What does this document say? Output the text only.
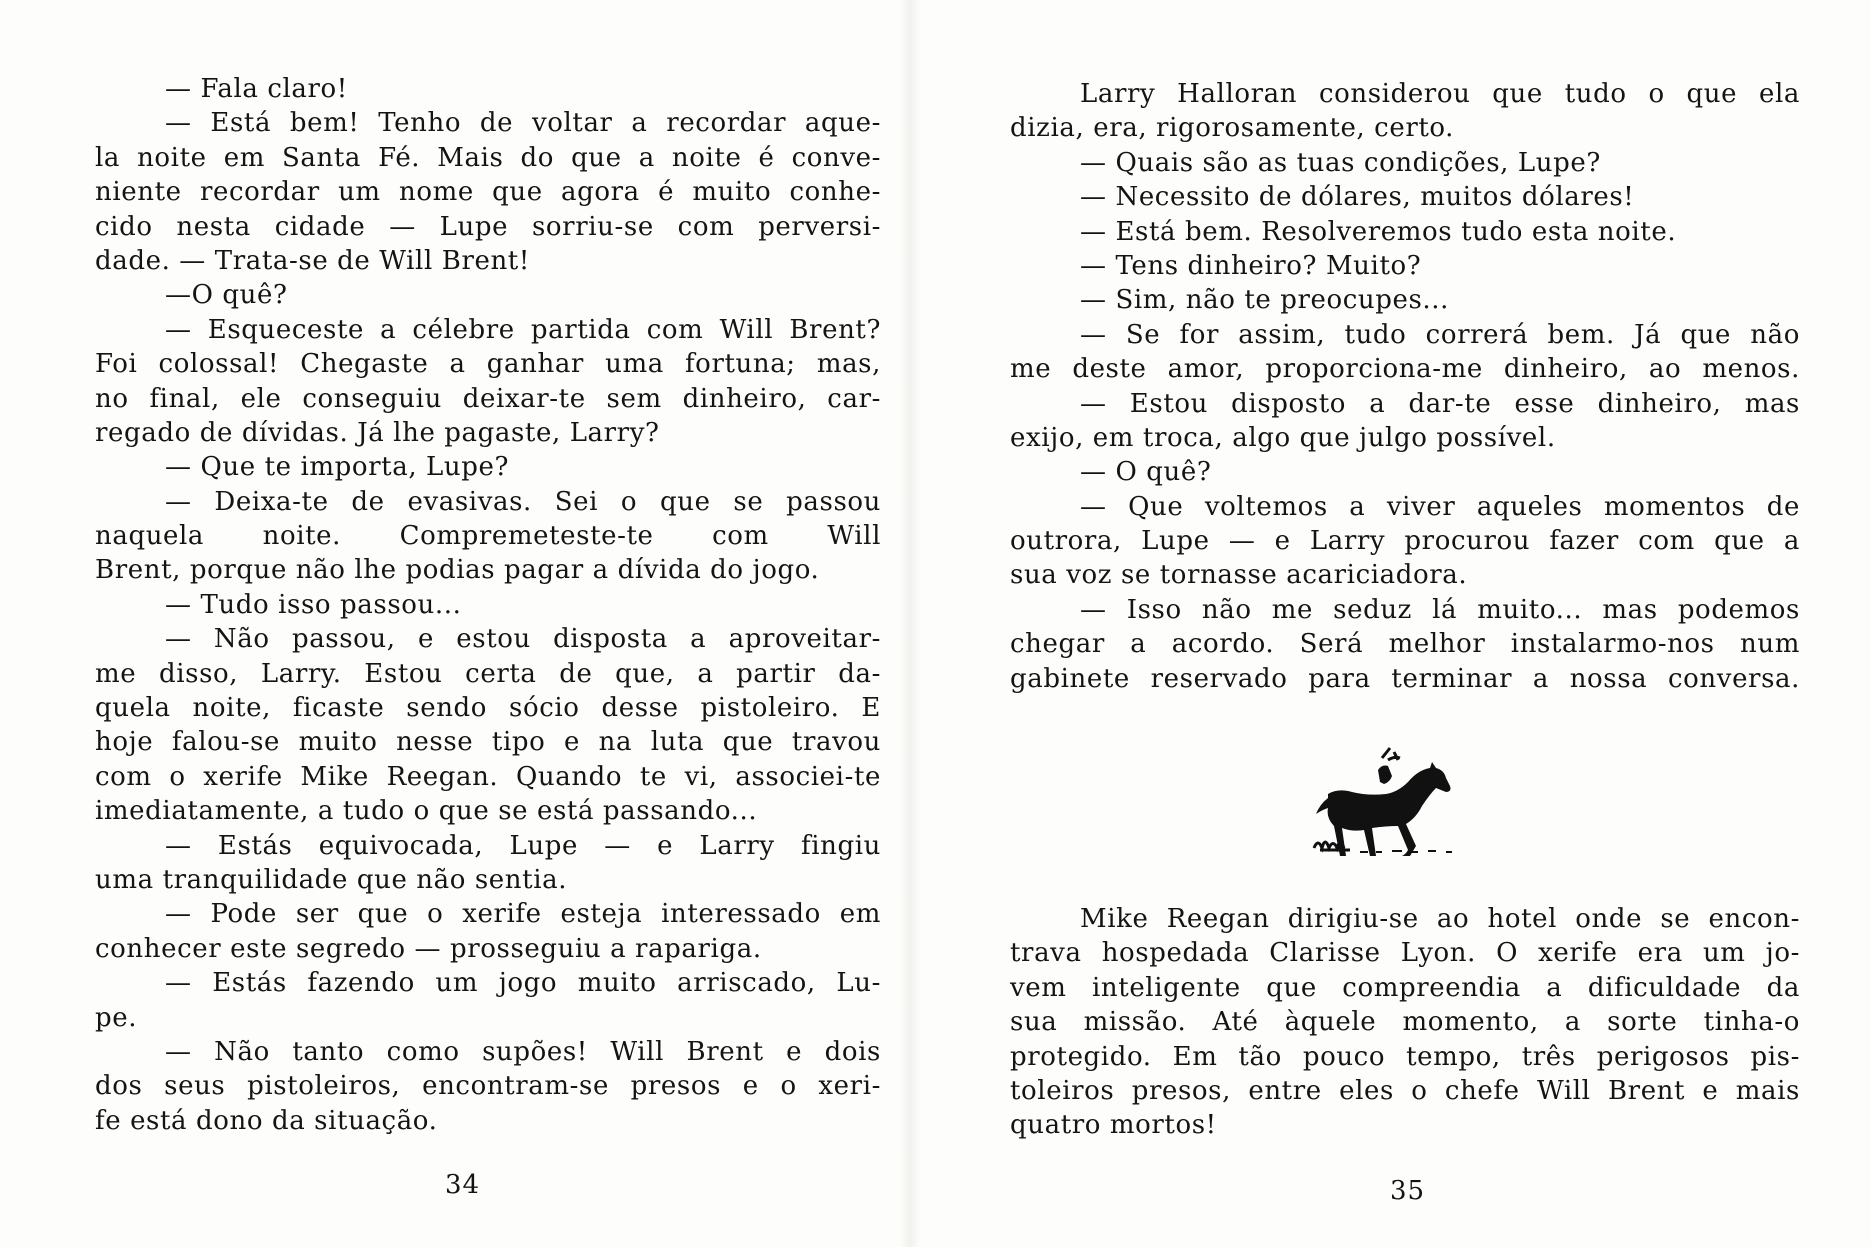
— Fala claro!
— Está bem! Tenho de voltar a recordar aque-
la noite em Santa Fé. Mais do que a noite é conve-
niente recordar um nome que agora é muito conhe-
cido nesta cidade — Lupe sorriu-se com perversi-
dade. — Trata-se de Will Brent!
—O quê?
— Esqueceste a célebre partida com Will Brent?
Foi colossal! Chegaste a ganhar uma fortuna; mas,
no final, ele conseguiu deixar-te sem dinheiro, car-
regado de dívidas. Já lhe pagaste, Larry?
— Que te importa, Lupe?
— Deixa-te de evasivas. Sei o que se passou
naquela noite. Compremeteste-te com Will
Brent, porque não lhe podias pagar a dívida do jogo.
— Tudo isso passou...
— Não passou, e estou disposta a aproveitar-
me disso, Larry. Estou certa de que, a partir da-
quela noite, ficaste sendo sócio desse pistoleiro. E
hoje falou-se muito nesse tipo e na luta que travou
com o xerife Mike Reegan. Quando te vi, associei-te
imediatamente, a tudo o que se está passando...
— Estás equivocada, Lupe — e Larry fingiu
uma tranquilidade que não sentia.
— Pode ser que o xerife esteja interessado em
conhecer este segredo — prosseguiu a rapariga.
— Estás fazendo um jogo muito arriscado, Lu-
pe.
— Não tanto como supões! Will Brent e dois
dos seus pistoleiros, encontram-se presos e o xeri-
fe está dono da situação.
34
Larry Halloran considerou que tudo o que ela
dizia, era, rigorosamente, certo.
— Quais são as tuas condições, Lupe?
— Necessito de dólares, muitos dólares!
— Está bem. Resolveremos tudo esta noite.
— Tens dinheiro? Muito?
— Sim, não te preocupes...
— Se for assim, tudo correrá bem. Já que não
me deste amor, proporciona-me dinheiro, ao menos.
— Estou disposto a dar-te esse dinheiro, mas
exijo, em troca, algo que julgo possível.
— O quê?
— Que voltemos a viver aqueles momentos de
outrora, Lupe — e Larry procurou fazer com que a
sua voz se tornasse acariciadora.
— Isso não me seduz lá muito... mas podemos
chegar a acordo. Será melhor instalarmo-nos num
gabinete reservado para terminar a nossa conversa.
Mike Reegan dirigiu-se ao hotel onde se encon-
trava hospedada Clarisse Lyon. O xerife era um jo-
vem inteligente que compreendia a dificuldade da
sua missão. Até àquele momento, a sorte tinha-o
protegido. Em tão pouco tempo, três perigosos pis-
toleiros presos, entre eles o chefe Will Brent e mais
quatro mortos!
35
